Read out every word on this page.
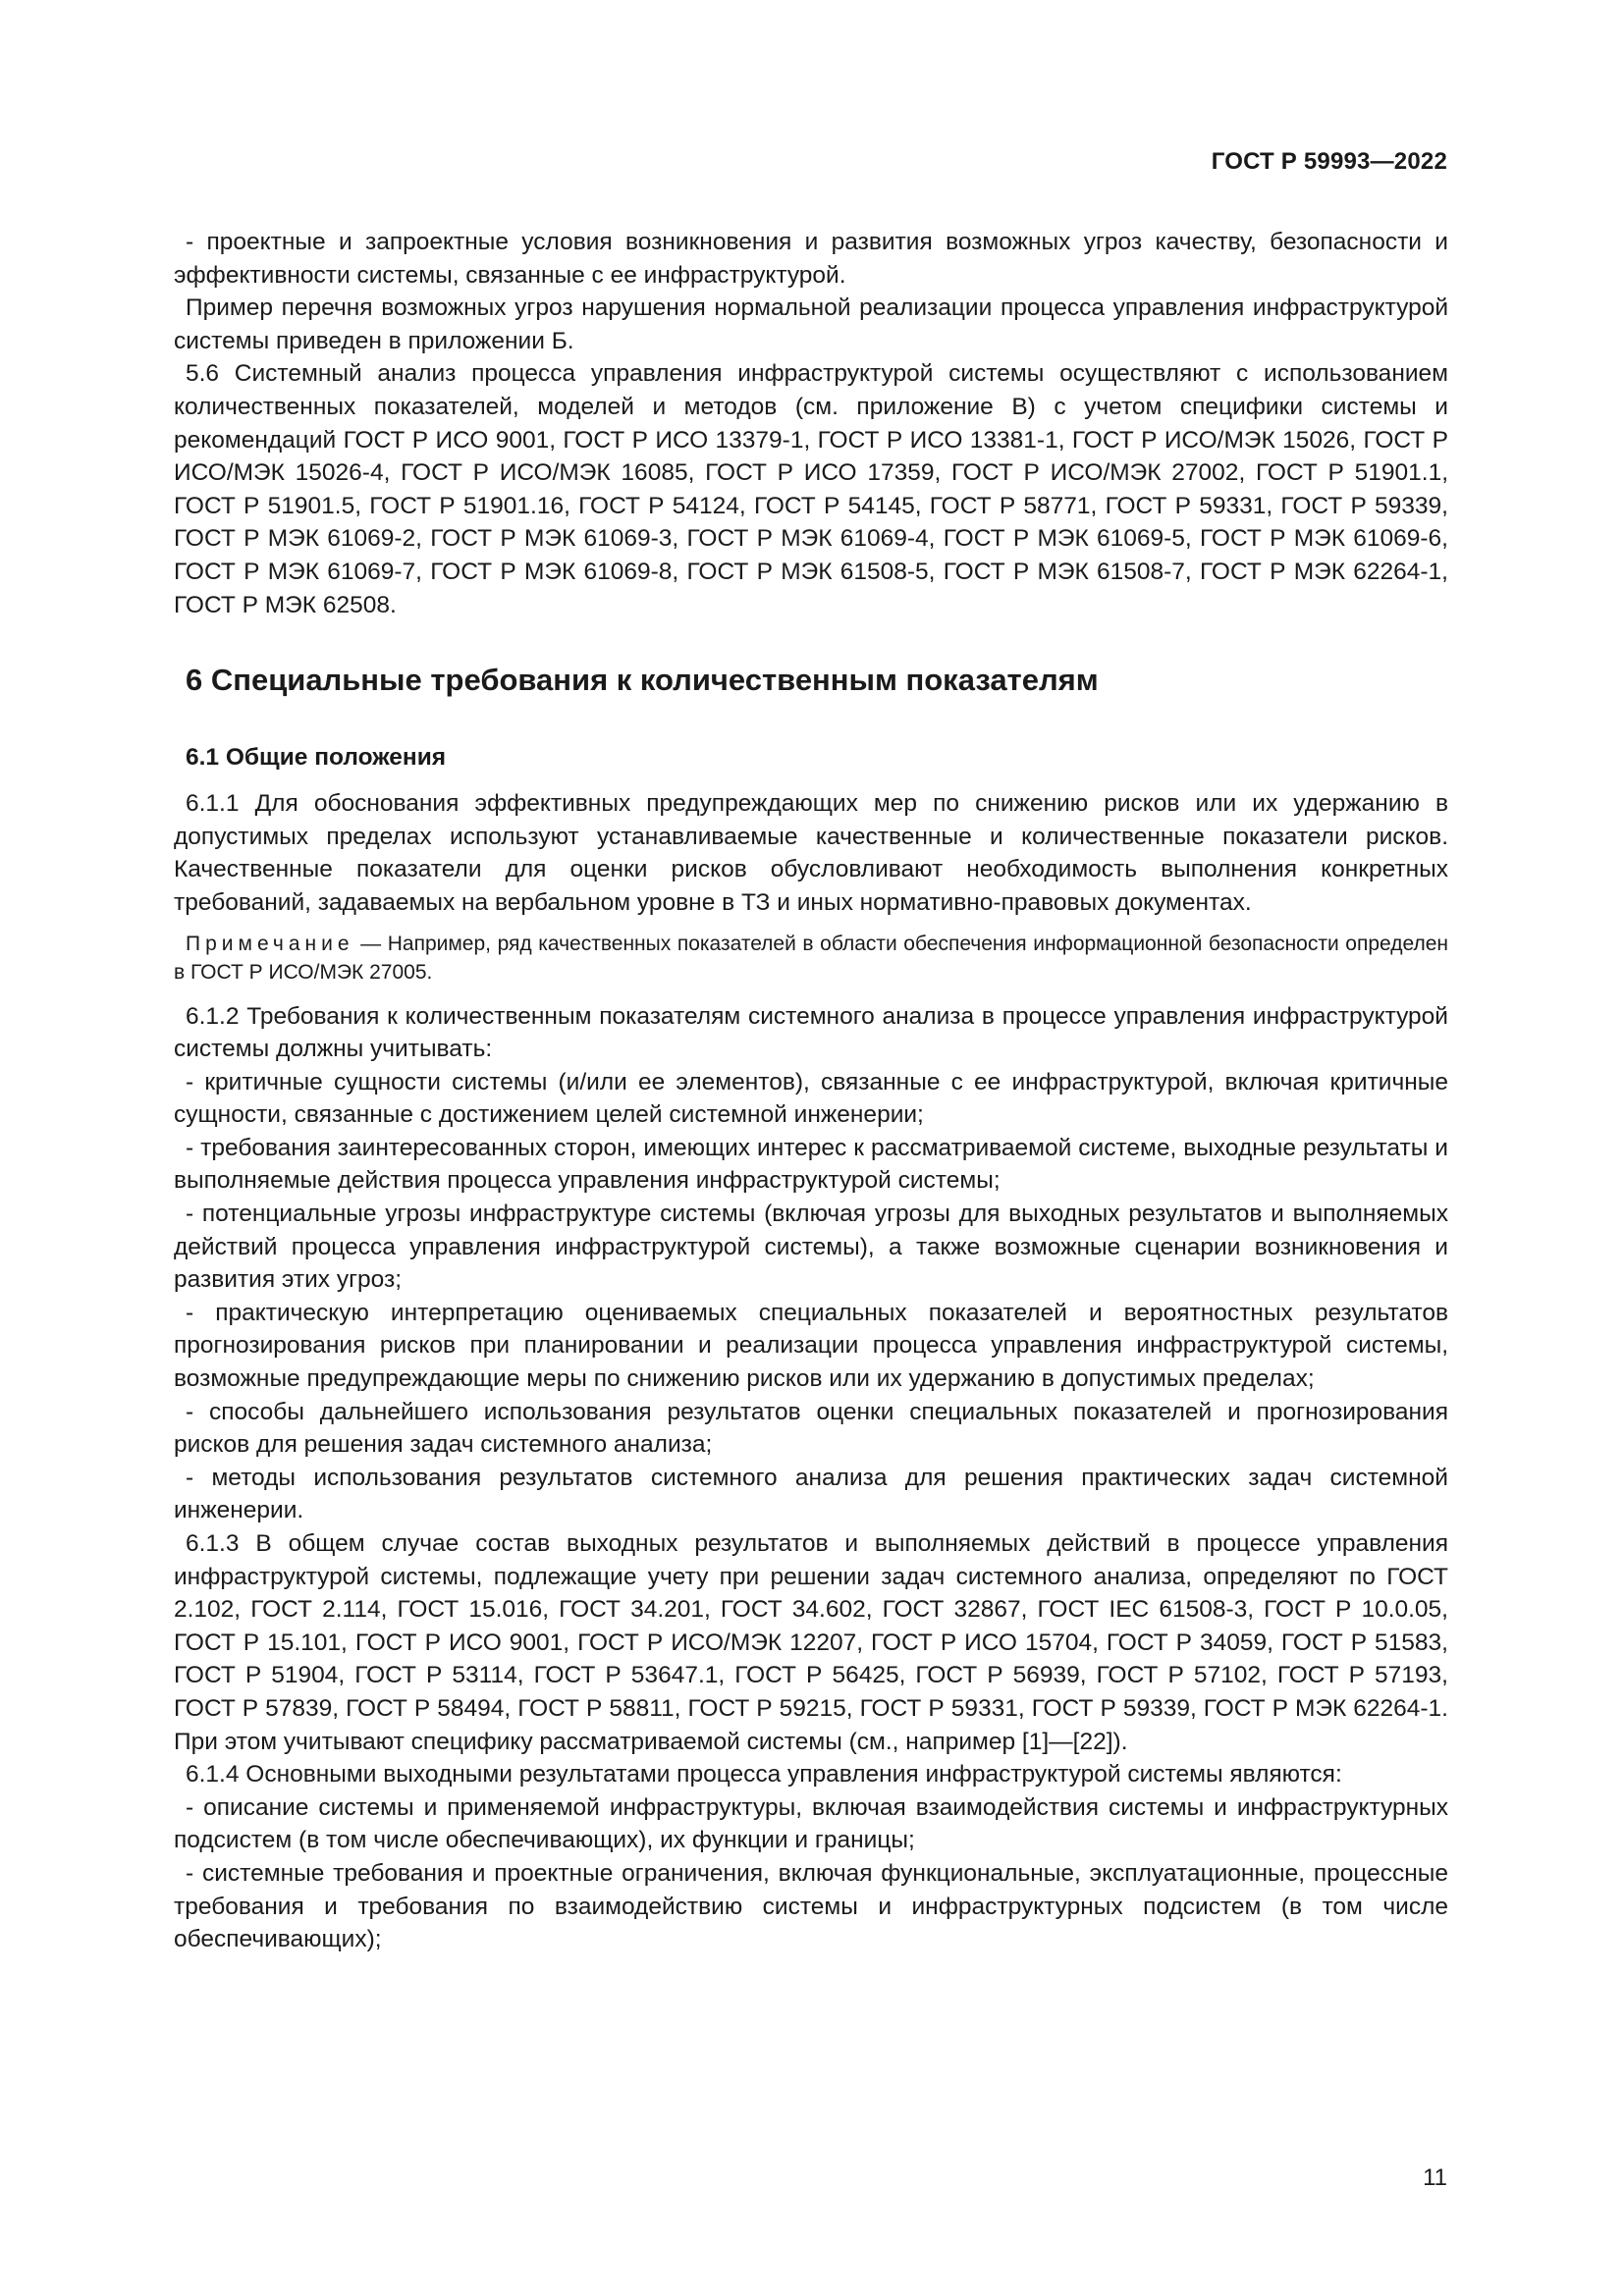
ГОСТ Р 59993—2022

- проектные и запроектные условия возникновения и развития возможных угроз качеству, безопасности и эффективности системы, связанные с ее инфраструктурой.

Пример перечня возможных угроз нарушения нормальной реализации процесса управления инфраструктурой системы приведен в приложении Б.

5.6 Системный анализ процесса управления инфраструктурой системы осуществляют с использованием количественных показателей, моделей и методов (см. приложение В) с учетом специфики системы и рекомендаций ГОСТ Р ИСО 9001, ГОСТ Р ИСО 13379-1, ГОСТ Р ИСО 13381-1, ГОСТ Р ИСО/МЭК 15026, ГОСТ Р ИСО/МЭК 15026-4, ГОСТ Р ИСО/МЭК 16085, ГОСТ Р ИСО 17359, ГОСТ Р ИСО/МЭК 27002, ГОСТ Р 51901.1, ГОСТ Р 51901.5, ГОСТ Р 51901.16, ГОСТ Р 54124, ГОСТ Р 54145, ГОСТ Р 58771, ГОСТ Р 59331, ГОСТ Р 59339, ГОСТ Р МЭК 61069-2, ГОСТ Р МЭК 61069-3, ГОСТ Р МЭК 61069-4, ГОСТ Р МЭК 61069-5, ГОСТ Р МЭК 61069-6, ГОСТ Р МЭК 61069-7, ГОСТ Р МЭК 61069-8, ГОСТ Р МЭК 61508-5, ГОСТ Р МЭК 61508-7, ГОСТ Р МЭК 62264-1, ГОСТ Р МЭК 62508.

6 Специальные требования к количественным показателям
6.1 Общие положения

6.1.1 Для обоснования эффективных предупреждающих мер по снижению рисков или их удержанию в допустимых пределах используют устанавливаемые качественные и количественные показатели рисков. Качественные показатели для оценки рисков обусловливают необходимость выполнения конкретных требований, задаваемых на вербальном уровне в ТЗ и иных нормативно-правовых документах.

Примечание — Например, ряд качественных показателей в области обеспечения информационной безопасности определен в ГОСТ Р ИСО/МЭК 27005.

6.1.2 Требования к количественным показателям системного анализа в процессе управления инфраструктурой системы должны учитывать:

- критичные сущности системы (и/или ее элементов), связанные с ее инфраструктурой, включая критичные сущности, связанные с достижением целей системной инженерии;

- требования заинтересованных сторон, имеющих интерес к рассматриваемой системе, выходные результаты и выполняемые действия процесса управления инфраструктурой системы;

- потенциальные угрозы инфраструктуре системы (включая угрозы для выходных результатов и выполняемых действий процесса управления инфраструктурой системы), а также возможные сценарии возникновения и развития этих угроз;

- практическую интерпретацию оцениваемых специальных показателей и вероятностных результатов прогнозирования рисков при планировании и реализации процесса управления инфраструктурой системы, возможные предупреждающие меры по снижению рисков или их удержанию в допустимых пределах;

- способы дальнейшего использования результатов оценки специальных показателей и прогнозирования рисков для решения задач системного анализа;

- методы использования результатов системного анализа для решения практических задач системной инженерии.

6.1.3 В общем случае состав выходных результатов и выполняемых действий в процессе управления инфраструктурой системы, подлежащие учету при решении задач системного анализа, определяют по ГОСТ 2.102, ГОСТ 2.114, ГОСТ 15.016, ГОСТ 34.201, ГОСТ 34.602, ГОСТ 32867, ГОСТ IEC 61508-3, ГОСТ Р 10.0.05, ГОСТ Р 15.101, ГОСТ Р ИСО 9001, ГОСТ Р ИСО/МЭК 12207, ГОСТ Р ИСО 15704, ГОСТ Р 34059, ГОСТ Р 51583, ГОСТ Р 51904, ГОСТ Р 53114, ГОСТ Р 53647.1, ГОСТ Р 56425, ГОСТ Р 56939, ГОСТ Р 57102, ГОСТ Р 57193, ГОСТ Р 57839, ГОСТ Р 58494, ГОСТ Р 58811, ГОСТ Р 59215, ГОСТ Р 59331, ГОСТ Р 59339, ГОСТ Р МЭК 62264-1. При этом учитывают специфику рассматриваемой системы (см., например [1]—[22]).

6.1.4 Основными выходными результатами процесса управления инфраструктурой системы являются:

- описание системы и применяемой инфраструктуры, включая взаимодействия системы и инфраструктурных подсистем (в том числе обеспечивающих), их функции и границы;

- системные требования и проектные ограничения, включая функциональные, эксплуатационные, процессные требования и требования по взаимодействию системы и инфраструктурных подсистем (в том числе обеспечивающих);

11
